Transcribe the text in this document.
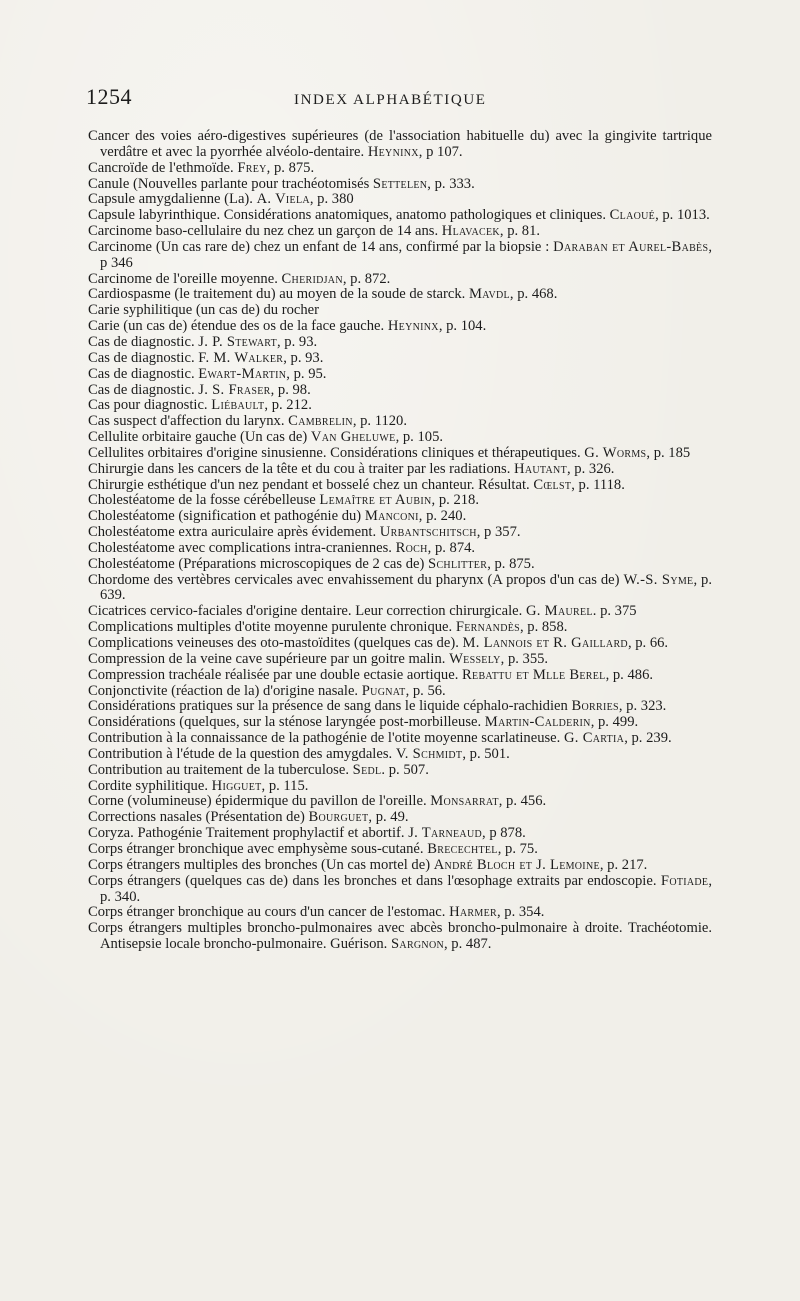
1254	INDEX ALPHABÉTIQUE
Cancer des voies aéro-digestives supérieures (de l'association habituelle du) avec la gingivite tartrique verdâtre et avec la pyorrhée alvéolo-dentaire. Heyninx, p 107.
Cancroïde de l'ethmoïde. Frey, p. 875.
Canule (Nouvelles parlante pour trachéotomisés Settelen, p. 333.
Capsule amygdalienne (La). A. Viela, p. 380
Capsule labyrinthique. Considérations anatomiques, anatomo pathologiques et cliniques. Claoué, p. 1013.
Carcinome baso-cellulaire du nez chez un garçon de 14 ans. Hlavacek, p. 81.
Carcinome (Un cas rare de) chez un enfant de 14 ans, confirmé par la biopsie : Daraban et Aurel-Babès, p 346
Carcinome de l'oreille moyenne. Cheridjan, p. 872.
Cardiospasme (le traitement du) au moyen de la soude de starck. Mavdl, p. 468.
Carie syphilitique (un cas de) du rocher
Carie (un cas de) étendue des os de la face gauche. Heyninx, p. 104.
Cas de diagnostic. J. P. Stewart, p. 93.
Cas de diagnostic. F. M. Walker, p. 93.
Cas de diagnostic. Ewart-Martin, p. 95.
Cas de diagnostic. J. S. Fraser, p. 98.
Cas pour diagnostic. Liébault, p. 212.
Cas suspect d'affection du larynx. Cambrelin, p. 1120.
Cellulite orbitaire gauche (Un cas de) Van Gheluwe, p. 105.
Cellulites orbitaires d'origine sinusienne. Considérations cliniques et thérapeutiques. G. Worms, p. 185
Chirurgie dans les cancers de la tête et du cou à traiter par les radiations. Hautant, p. 326.
Chirurgie esthétique d'un nez pendant et bosselé chez un chanteur. Résultat. Cœlst, p. 1118.
Cholestéatome de la fosse cérébelleuse Lemaître et Aubin, p. 218.
Cholestéatome (signification et pathogénie du) Manconi, p. 240.
Cholestéatome extra auriculaire après évidement. Urbantschitsch, p 357.
Cholestéatome avec complications intra-craniennes. Roch, p. 874.
Cholestéatome (Préparations microscopiques de 2 cas de) Schlitter, p. 875.
Chordome des vertèbres cervicales avec envahissement du pharynx (A propos d'un cas de) W.-S. Syme, p. 639.
Cicatrices cervico-faciales d'origine dentaire. Leur correction chirurgicale. G. Maurel. p. 375
Complications multiples d'otite moyenne purulente chronique. Fernandès, p. 858.
Complications veineuses des oto-mastoïdites (quelques cas de). M. Lannois et R. Gaillard, p. 66.
Compression de la veine cave supérieure par un goitre malin. Wessely, p. 355.
Compression trachéale réalisée par une double ectasie aortique. Rebattu et Mlle Berel, p. 486.
Conjonctivite (réaction de la) d'origine nasale. Pugnat, p. 56.
Considérations pratiques sur la présence de sang dans le liquide céphalo-rachidien Borries, p. 323.
Considérations (quelques, sur la sténose laryngée post-morbilleuse. Martin-Calderin, p. 499.
Contribution à la connaissance de la pathogénie de l'otite moyenne scarlatineuse. G. Cartia, p. 239.
Contribution à l'étude de la question des amygdales. V. Schmidt, p. 501.
Contribution au traitement de la tuberculose. Sedl. p. 507.
Cordite syphilitique. Higguet, p. 115.
Corne (volumineuse) épidermique du pavillon de l'oreille. Monsarrat, p. 456.
Corrections nasales (Présentation de) Bourguet, p. 49.
Coryza. Pathogénie Traitement prophylactif et abortif. J. Tarneaud, p 878.
Corps étranger bronchique avec emphysème sous-cutané. Brecechtel, p. 75.
Corps étrangers multiples des bronches (Un cas mortel de) André Bloch et J. Lemoine, p. 217.
Corps étrangers (quelques cas de) dans les bronches et dans l'œsophage extraits par endoscopie. Fotiade, p. 340.
Corps étranger bronchique au cours d'un cancer de l'estomac. Harmer, p. 354.
Corps étrangers multiples broncho-pulmonaires avec abcès broncho-pulmonaire à droite. Trachéotomie. Antisepsie locale broncho-pulmonaire. Guérison. Sargnon, p. 487.
